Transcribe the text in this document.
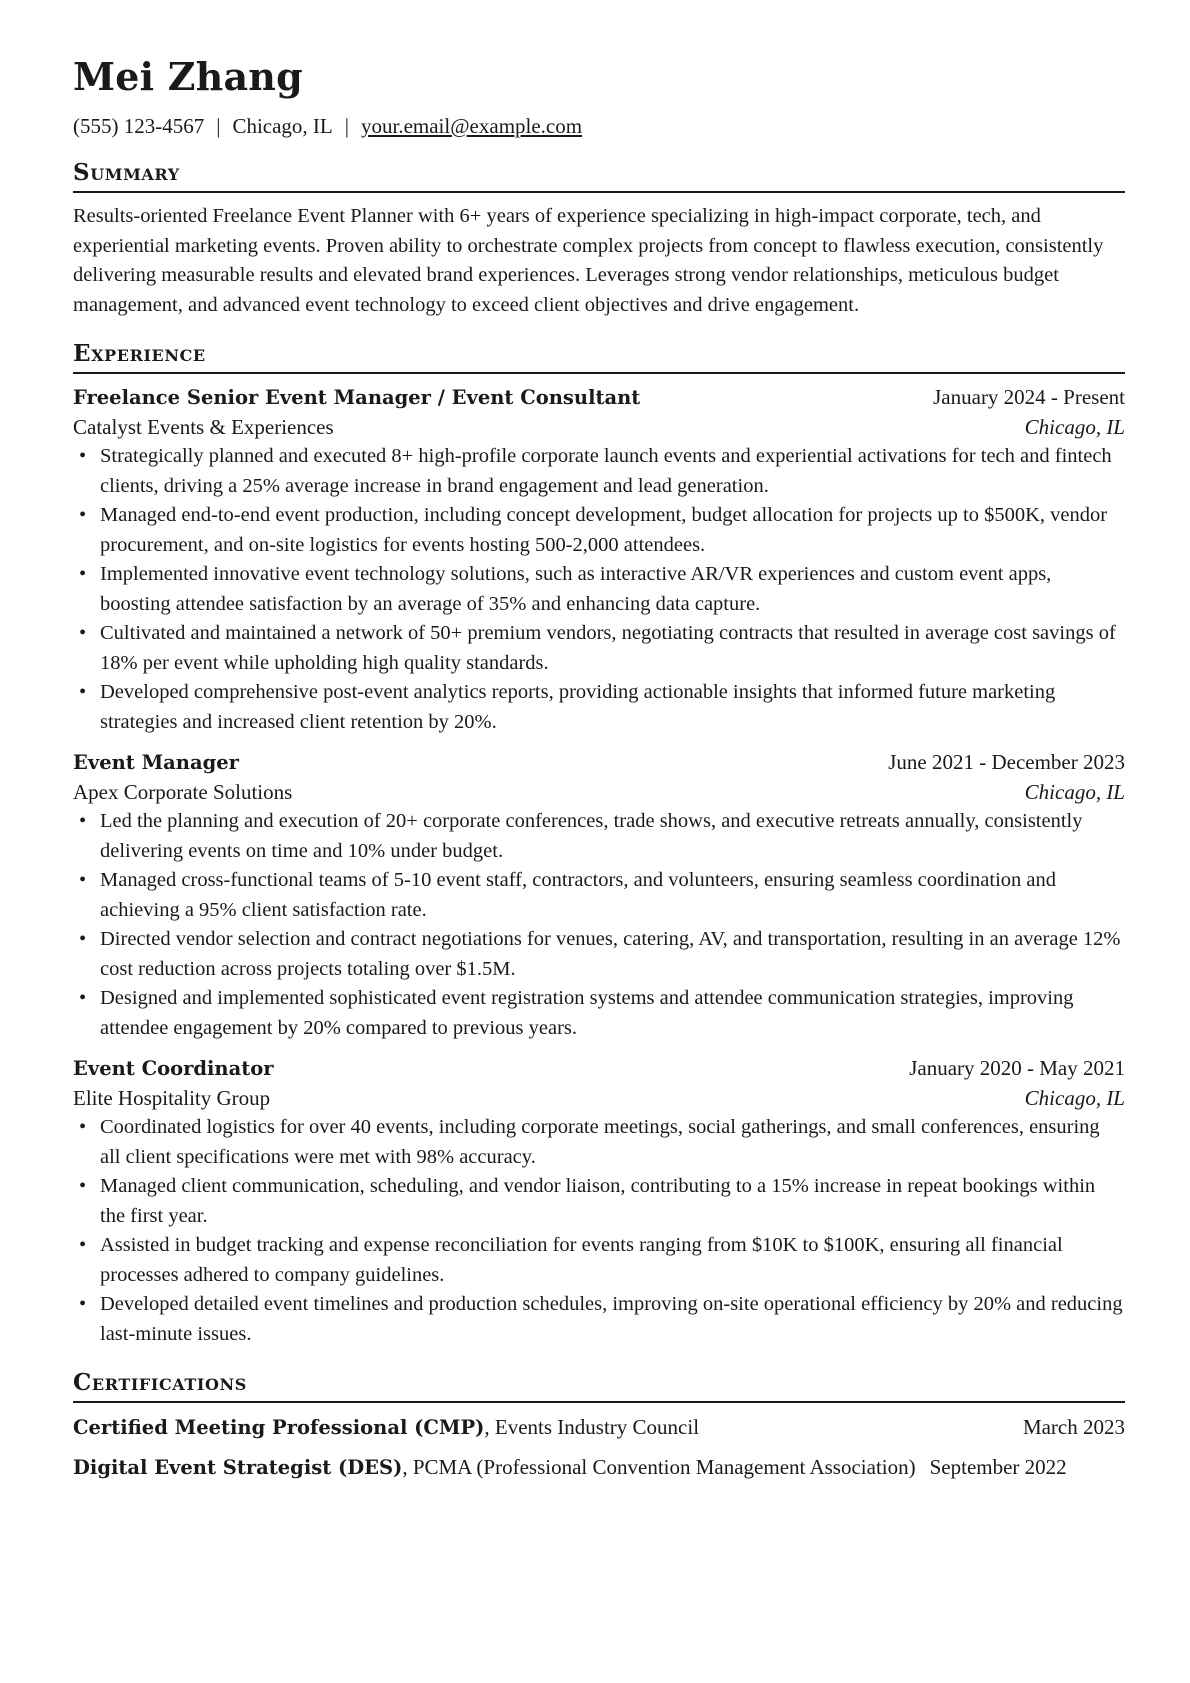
Mei Zhang
(555) 123-4567 | Chicago, IL | your.email@example.com
Summary
Results-oriented Freelance Event Planner with 6+ years of experience specializing in high-impact corporate, tech, and experiential marketing events. Proven ability to orchestrate complex projects from concept to flawless execution, consistently delivering measurable results and elevated brand experiences. Leverages strong vendor relationships, meticulous budget management, and advanced event technology to exceed client objectives and drive engagement.
Experience
Freelance Senior Event Manager / Event Consultant	January 2024 - Present
Catalyst Events & Experiences	Chicago, IL
• Strategically planned and executed 8+ high-profile corporate launch events and experiential activations for tech and fintech clients, driving a 25% average increase in brand engagement and lead generation.
• Managed end-to-end event production, including concept development, budget allocation for projects up to $500K, vendor procurement, and on-site logistics for events hosting 500-2,000 attendees.
• Implemented innovative event technology solutions, such as interactive AR/VR experiences and custom event apps, boosting attendee satisfaction by an average of 35% and enhancing data capture.
• Cultivated and maintained a network of 50+ premium vendors, negotiating contracts that resulted in average cost savings of 18% per event while upholding high quality standards.
• Developed comprehensive post-event analytics reports, providing actionable insights that informed future marketing strategies and increased client retention by 20%.
Event Manager	June 2021 - December 2023
Apex Corporate Solutions	Chicago, IL
• Led the planning and execution of 20+ corporate conferences, trade shows, and executive retreats annually, consistently delivering events on time and 10% under budget.
• Managed cross-functional teams of 5-10 event staff, contractors, and volunteers, ensuring seamless coordination and achieving a 95% client satisfaction rate.
• Directed vendor selection and contract negotiations for venues, catering, AV, and transportation, resulting in an average 12% cost reduction across projects totaling over $1.5M.
• Designed and implemented sophisticated event registration systems and attendee communication strategies, improving attendee engagement by 20% compared to previous years.
Event Coordinator	January 2020 - May 2021
Elite Hospitality Group	Chicago, IL
• Coordinated logistics for over 40 events, including corporate meetings, social gatherings, and small conferences, ensuring all client specifications were met with 98% accuracy.
• Managed client communication, scheduling, and vendor liaison, contributing to a 15% increase in repeat bookings within the first year.
• Assisted in budget tracking and expense reconciliation for events ranging from $10K to $100K, ensuring all financial processes adhered to company guidelines.
• Developed detailed event timelines and production schedules, improving on-site operational efficiency by 20% and reducing last-minute issues.
Certifications
Certified Meeting Professional (CMP), Events Industry Council	March 2023
Digital Event Strategist (DES), PCMA (Professional Convention Management Association) September 2022
